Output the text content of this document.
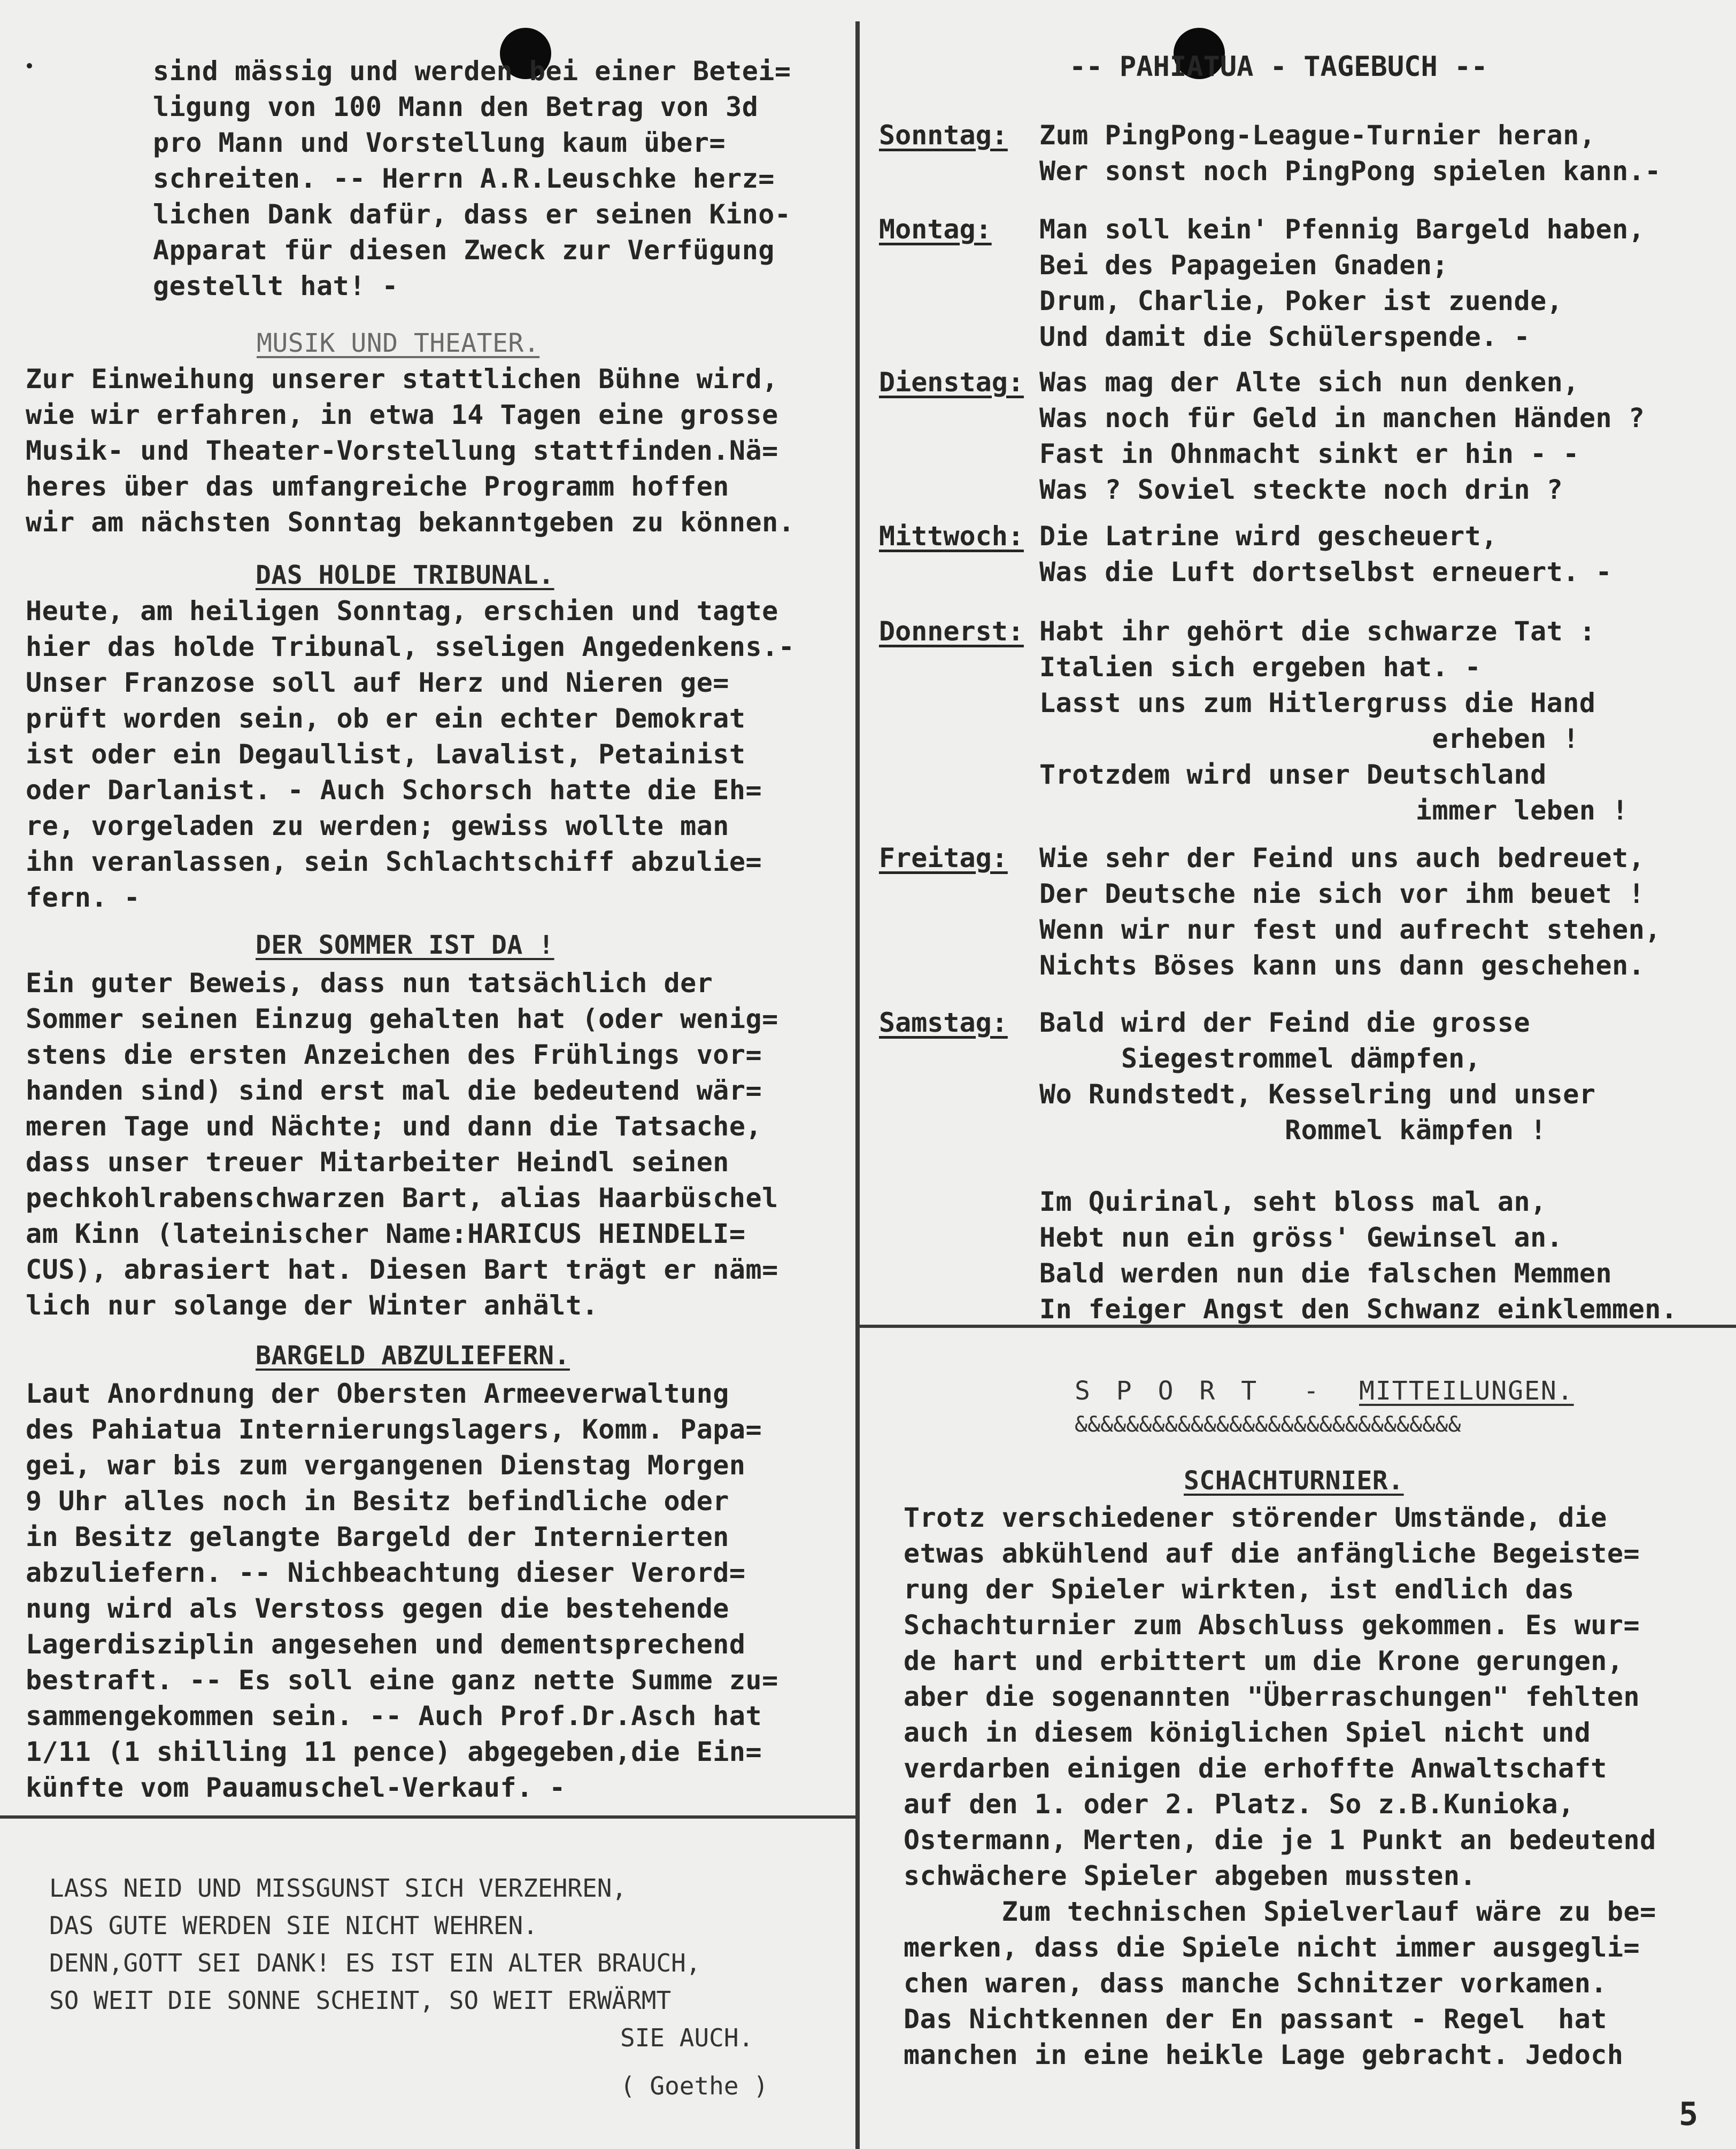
sind mässig und werden bei einer Betei=
ligung von 100 Mann den Betrag von 3d
pro Mann und Vorstellung kaum über=
schreiten. -- Herrn A.R.Leuschke herz=
lichen Dank dafür, dass er seinen Kino-
Apparat für diesen Zweck zur Verfügung
gestellt hat! -
MUSIK UND THEATER.
Zur Einweihung unserer stattlichen Bühne wird,
wie wir erfahren, in etwa 14 Tagen eine grosse
Musik- und Theater-Vorstellung stattfinden.Nä=
heres über das umfangreiche Programm hoffen
wir am nächsten Sonntag bekanntgeben zu können.
DAS HOLDE TRIBUNAL.
Heute, am heiligen Sonntag, erschien und tagte
hier das holde Tribunal, sseligen Angedenkens.-
Unser Franzose soll auf Herz und Nieren ge=
prüft worden sein, ob er ein echter Demokrat
ist oder ein Degaullist, Lavalist, Petainist
oder Darlanist. - Auch Schorsch hatte die Eh=
re, vorgeladen zu werden; gewiss wollte man
ihn veranlassen, sein Schlachtschiff abzulie=
fern. -
DER SOMMER IST DA !
Ein guter Beweis, dass nun tatsächlich der
Sommer seinen Einzug gehalten hat (oder wenig=
stens die ersten Anzeichen des Frühlings vor=
handen sind) sind erst mal die bedeutend wär=
meren Tage und Nächte; und dann die Tatsache,
dass unser treuer Mitarbeiter Heindl seinen
pechkohlrabenschwarzen Bart, alias Haarbüschel
am Kinn (lateinischer Name:HARICUS HEINDELI=
CUS), abrasiert hat. Diesen Bart trägt er näm=
lich nur solange der Winter anhält.
BARGELD ABZULIEFERN.
Laut Anordnung der Obersten Armeeverwaltung
des Pahiatua Internierungslagers, Komm. Papa=
gei, war bis zum vergangenen Dienstag Morgen
9 Uhr alles noch in Besitz befindliche oder
in Besitz gelangte Bargeld der Internierten
abzuliefern. -- Nichbeachtung dieser Verord=
nung wird als Verstoss gegen die bestehende
Lagerdisziplin angesehen und dementsprechend
bestraft. -- Es soll eine ganz nette Summe zu=
sammengekommen sein. -- Auch Prof.Dr.Asch hat
1/11 (1 shilling 11 pence) abgegeben,die Ein=
künfte vom Pauamuschel-Verkauf. -
LASS NEID UND MISSGUNST SICH VERZEHREN,
DAS GUTE WERDEN SIE NICHT WEHREN.
DENN,GOTT SEI DANK! ES IST EIN ALTER BRAUCH,
SO WEIT DIE SONNE SCHEINT, SO WEIT ERWÄRMT
SIE AUCH.
( Goethe )
-- PAHIATUA - TAGEBUCH --
Sonntag: Zum PingPong-League-Turnier heran,
Wer sonst noch PingPong spielen kann.-
Montag: Man soll kein' Pfennig Bargeld haben,
Bei des Papageien Gnaden;
Drum, Charlie, Poker ist zuende,
Und damit die Schülerspende. -
Dienstag: Was mag der Alte sich nun denken,
Was noch für Geld in manchen Händen ?
Fast in Ohnmacht sinkt er hin - -
Was ? Soviel steckte noch drin ?
Mittwoch: Die Latrine wird gescheuert,
Was die Luft dortselbst erneuert. -
Donnerst: Habt ihr gehört die schwarze Tat :
Italien sich ergeben hat. -
Lasst uns zum Hitlergruss die Hand
erheben !
Trotzdem wird unser Deutschland
immer leben !
Freitag: Wie sehr der Feind uns auch bedreuet,
Der Deutsche nie sich vor ihm beuet !
Wenn wir nur fest und aufrecht stehen,
Nichts Böses kann uns dann geschehen.
Samstag: Bald wird der Feind die grosse
Siegestrommel dämpfen,
Wo Rundstedt, Kesselring und unser
Rommel kämpfen !
Im Quirinal, seht bloss mal an,
Hebt nun ein gröss' Gewinsel an.
Bald werden nun die falschen Memmen
In feiger Angst den Schwanz einklemmen.
S P O R T  -
MITTEILUNGEN.
&&&&&&&&&&&&&&&&&&&&&&&&&&&&&&
SCHACHTURNIER.
Trotz verschiedener störender Umstände, die
etwas abkühlend auf die anfängliche Begeiste=
rung der Spieler wirkten, ist endlich das
Schachturnier zum Abschluss gekommen. Es wur=
de hart und erbittert um die Krone gerungen,
aber die sogenannten "Überraschungen" fehlten
auch in diesem königlichen Spiel nicht und
verdarben einigen die erhoffte Anwaltschaft
auf den 1. oder 2. Platz. So z.B.Kunioka,
Ostermann, Merten, die je 1 Punkt an bedeutend
schwächere Spieler abgeben mussten.
Zum technischen Spielverlauf wäre zu be=
merken, dass die Spiele nicht immer ausgegli=
chen waren, dass manche Schnitzer vorkamen.
Das Nichtkennen der En passant - Regel  hat
manchen in eine heikle Lage gebracht. Jedoch
5
